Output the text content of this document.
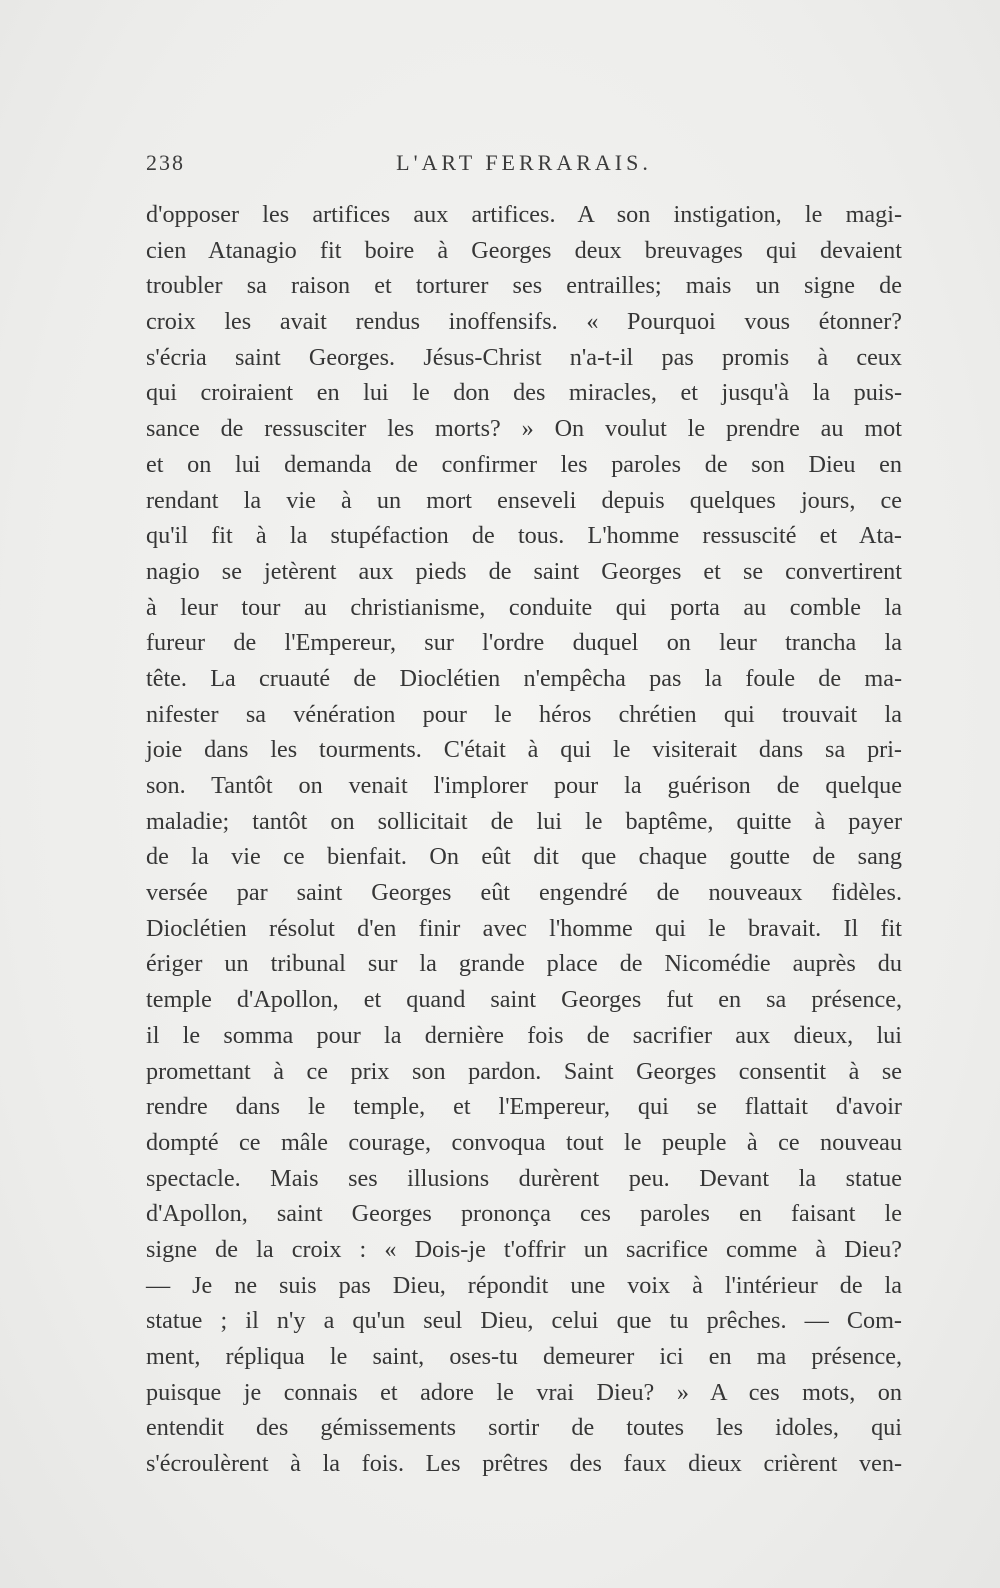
238	L'ART FERRARAIS.
d'opposer les artifices aux artifices. A son instigation, le magi-
cien Atanagio fit boire à Georges deux breuvages qui devaient
troubler sa raison et torturer ses entrailles; mais un signe de
croix les avait rendus inoffensifs. « Pourquoi vous étonner?
s'écria saint Georges. Jésus-Christ n'a-t-il pas promis à ceux
qui croiraient en lui le don des miracles, et jusqu'à la puis-
sance de ressusciter les morts? » On voulut le prendre au mot
et on lui demanda de confirmer les paroles de son Dieu en
rendant la vie à un mort enseveli depuis quelques jours, ce
qu'il fit à la stupéfaction de tous. L'homme ressuscité et Ata-
nagio se jetèrent aux pieds de saint Georges et se convertirent
à leur tour au christianisme, conduite qui porta au comble la
fureur de l'Empereur, sur l'ordre duquel on leur trancha la
tête. La cruauté de Dioclétien n'empêcha pas la foule de ma-
nifester sa vénération pour le héros chrétien qui trouvait la
joie dans les tourments. C'était à qui le visiterait dans sa pri-
son. Tantôt on venait l'implorer pour la guérison de quelque
maladie; tantôt on sollicitait de lui le baptême, quitte à payer
de la vie ce bienfait. On eût dit que chaque goutte de sang
versée par saint Georges eût engendré de nouveaux fidèles.
Dioclétien résolut d'en finir avec l'homme qui le bravait. Il fit
ériger un tribunal sur la grande place de Nicomédie auprès du
temple d'Apollon, et quand saint Georges fut en sa présence,
il le somma pour la dernière fois de sacrifier aux dieux, lui
promettant à ce prix son pardon. Saint Georges consentit à se
rendre dans le temple, et l'Empereur, qui se flattait d'avoir
dompté ce mâle courage, convoqua tout le peuple à ce nouveau
spectacle. Mais ses illusions durèrent peu. Devant la statue
d'Apollon, saint Georges prononça ces paroles en faisant le
signe de la croix : « Dois-je t'offrir un sacrifice comme à Dieu?
— Je ne suis pas Dieu, répondit une voix à l'intérieur de la
statue ; il n'y a qu'un seul Dieu, celui que tu prêches. — Com-
ment, répliqua le saint, oses-tu demeurer ici en ma présence,
puisque je connais et adore le vrai Dieu? » A ces mots, on
entendit des gémissements sortir de toutes les idoles, qui
s'écroulèrent à la fois. Les prêtres des faux dieux crièrent ven-
